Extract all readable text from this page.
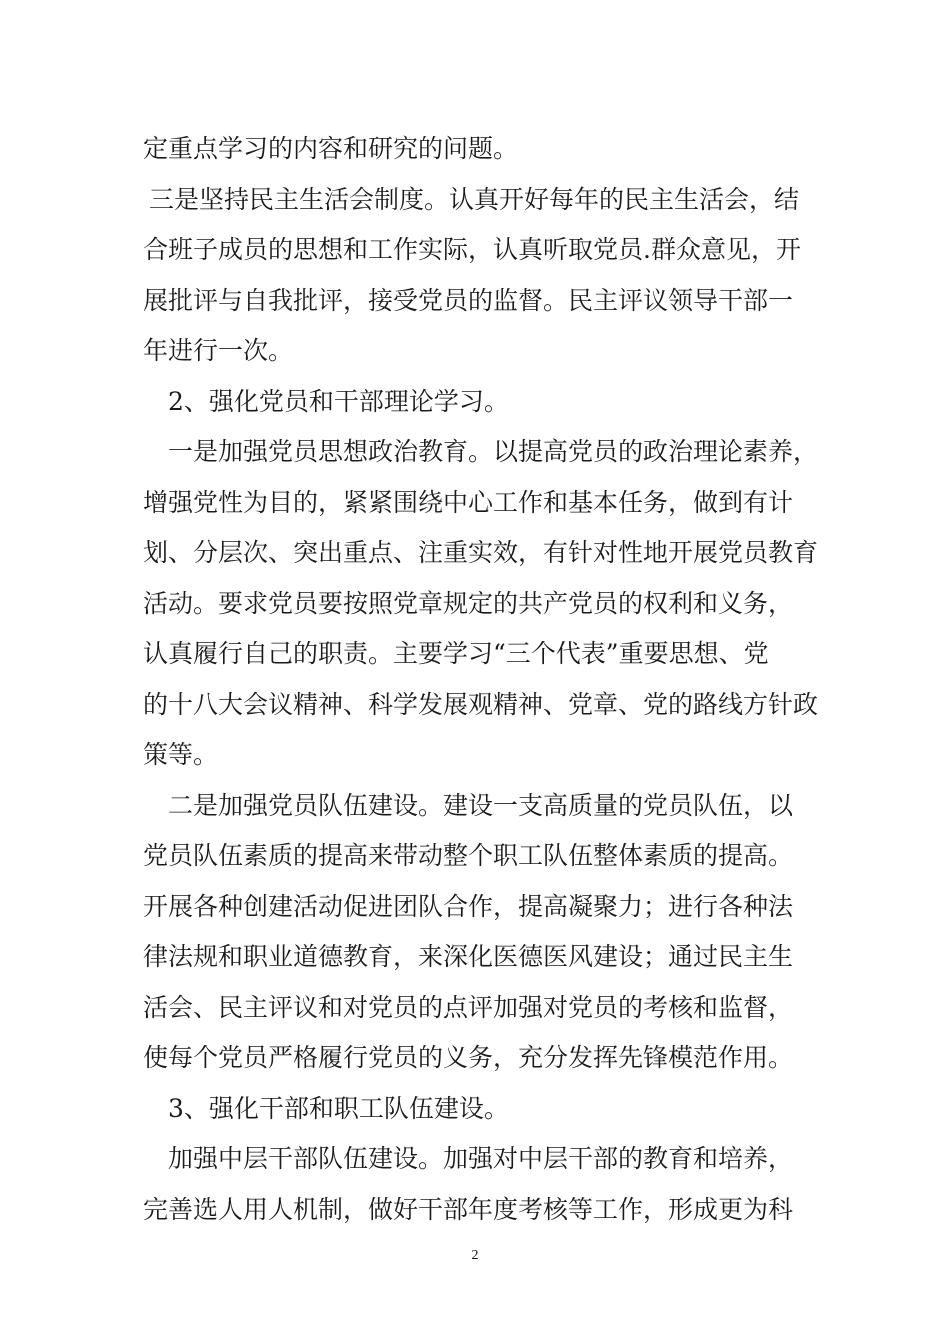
定重点学习的内容和研究的问题。
三是坚持民主生活会制度。认真开好每年的民主生活会，结
合班子成员的思想和工作实际，认真听取党员.群众意见，开
展批评与自我批评，接受党员的监督。民主评议领导干部一
年进行一次。
2、强化党员和干部理论学习。
一是加强党员思想政治教育。以提高党员的政治理论素养，
增强党性为目的，紧紧围绕中心工作和基本任务，做到有计
划、分层次、突出重点、注重实效，有针对性地开展党员教育
活动。要求党员要按照党章规定的共产党员的权利和义务，
认真履行自己的职责。主要学习“三个代表”重要思想、党
的十八大会议精神、科学发展观精神、党章、党的路线方针政
策等。
二是加强党员队伍建设。建设一支高质量的党员队伍，以
党员队伍素质的提高来带动整个职工队伍整体素质的提高。
开展各种创建活动促进团队合作，提高凝聚力；进行各种法
律法规和职业道德教育，来深化医德医风建设；通过民主生
活会、民主评议和对党员的点评加强对党员的考核和监督，
使每个党员严格履行党员的义务，充分发挥先锋模范作用。
3、强化干部和职工队伍建设。
加强中层干部队伍建设。加强对中层干部的教育和培养，
完善选人用人机制，做好干部年度考核等工作，形成更为科
2
